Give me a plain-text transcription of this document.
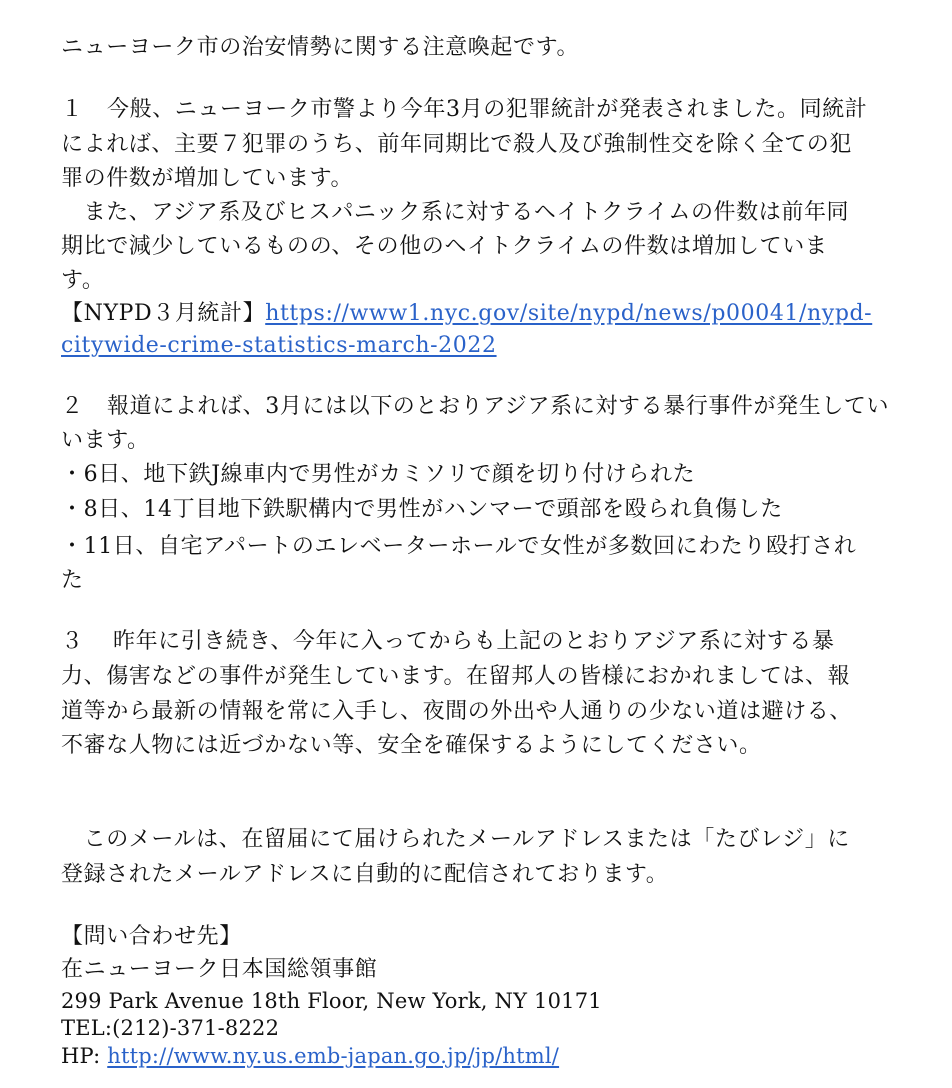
ニューヨーク市の治安情勢に関する注意喚起です。

１ 今般、ニューヨーク市警より今年3月の犯罪統計が発表されました。同統計

によれば、主要７犯罪のうち、前年同期比で殺人及び強制性交を除く全ての犯

罪の件数が増加しています。

　また、アジア系及びヒスパニック系に対するヘイトクライムの件数は前年同

期比で減少しているものの、その他のヘイトクライムの件数は増加していま

す。

【NYPD３月統計】https://www1.nyc.gov/site/nypd/news/p00041/nypd-

citywide-crime-statistics-march-2022

２ 報道によれば、3月には以下のとおりアジア系に対する暴行事件が発生してい

います。

・6日、地下鉄J線車内で男性がカミソリで顔を切り付けられた

・8日、14丁目地下鉄駅構内で男性がハンマーで頭部を殴られ負傷した

・11日、自宅アパートのエレベーターホールで女性が多数回にわたり殴打され

た

３ 昨年に引き続き、今年に入ってからも上記のとおりアジア系に対する暴

力、傷害などの事件が発生しています。在留邦人の皆様におかれましては、報

道等から最新の情報を常に入手し、夜間の外出や人通りの少ない道は避ける、

不審な人物には近づかない等、安全を確保するようにしてください。

　このメールは、在留届にて届けられたメールアドレスまたは「たびレジ」に

登録されたメールアドレスに自動的に配信されております。

【問い合わせ先】

在ニューヨーク日本国総領事館

299 Park Avenue 18th Floor, New York, NY 10171

TEL:(212)-371-8222

HP: http://www.ny.us.emb-japan.go.jp/jp/html/
